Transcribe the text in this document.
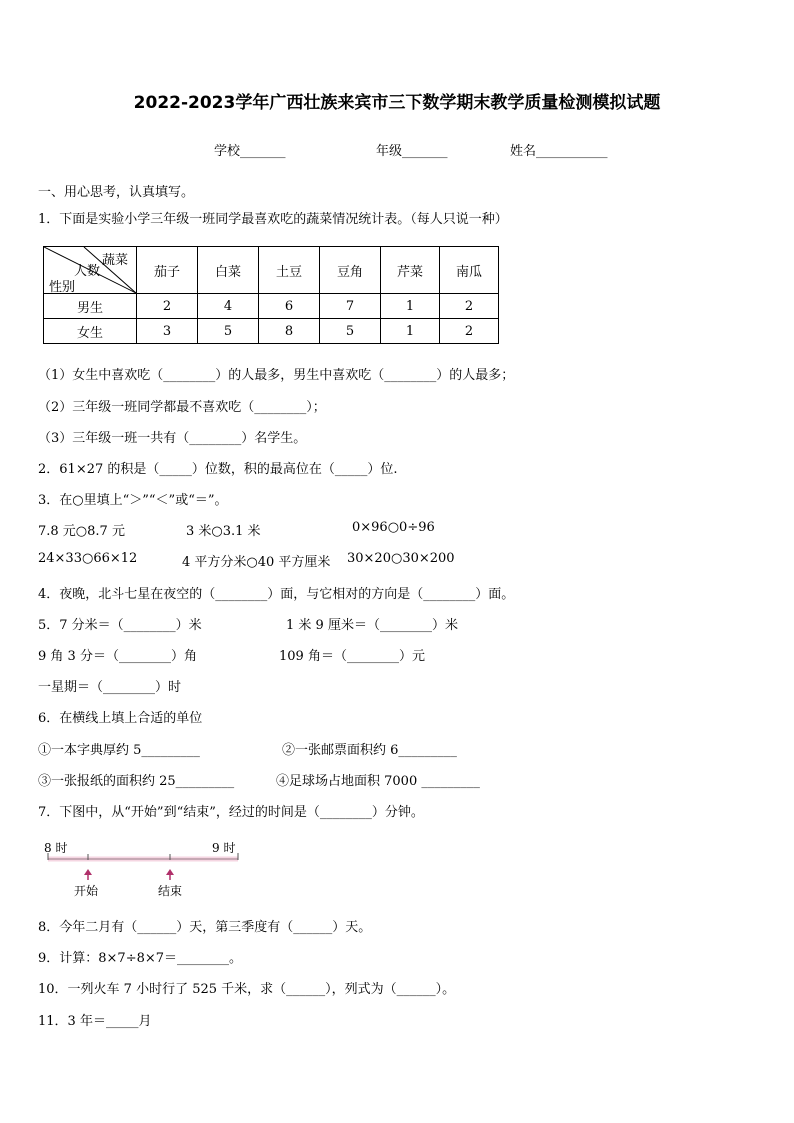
2022-2023学年广西壮族来宾市三下数学期末教学质量检测模拟试题
学校_______	年级_______	姓名___________
一、用心思考，认真填写。
1．下面是实验小学三年级一班同学最喜欢吃的蔬菜情况统计表。（每人只说一种）
蔬菜
人数
性别	茄子	白菜	土豆	豆角	芹菜	南瓜
男生	2	4	6	7	1	2
女生	3	5	8	5	1	2
（1）女生中喜欢吃（________）的人最多，男生中喜欢吃（________）的人最多；
（2）三年级一班同学都最不喜欢吃（________）；
（3）三年级一班一共有（________）名学生。
2．61×27 的积是（_____）位数，积的最高位在（_____）位.
3．在○里填上“＞”“＜”或“＝”。
7.8 元○8.7 元	3 米○3.1 米	0×96○0÷96
24×33○66×12	4 平方分米○40 平方厘米 30×20○30×200
4．夜晚，北斗七星在夜空的（________）面，与它相对的方向是（________）面。
5．7 分米＝（________）米	1 米 9 厘米＝（________）米
9 角 3 分＝（________）角	109 角＝（________）元
一星期＝（________）时
6．在横线上填上合适的单位
①一本字典厚约 5_________	②一张邮票面积约 6_________
③一张报纸的面积约 25_________	④足球场占地面积 7000 _________
7．下图中，从“开始”到“结束”，经过的时间是（________）分钟。
8 时	9 时
开始	结束
8．今年二月有（______）天，第三季度有（______）天。
9．计算：8×7÷8×7＝________。
10．一列火车 7 小时行了 525 千米，求（______），列式为（______）。
11．3 年＝_____月
